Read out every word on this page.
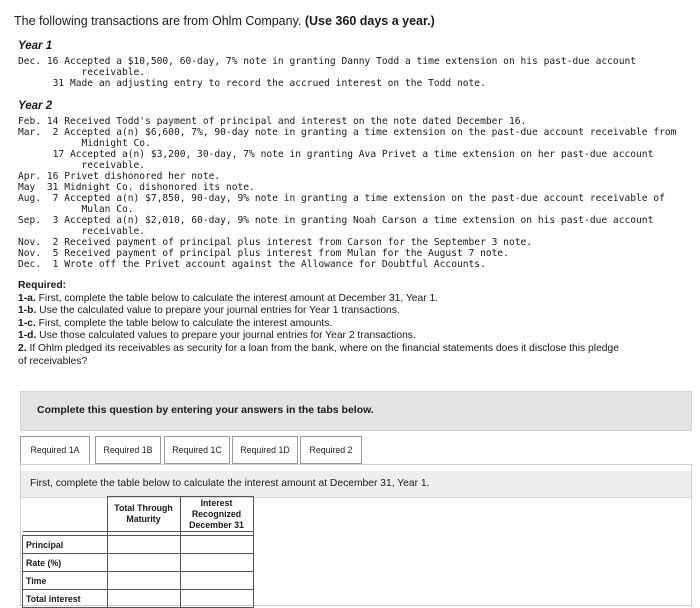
The following transactions are from Ohlm Company. (Use 360 days a year.)
Year 1
Dec. 16 Accepted a $10,500, 60-day, 7% note in granting Danny Todd a time extension on his past-due account
receivable.
31 Made an adjusting entry to record the accrued interest on the Todd note.
Year 2
Feb. 14 Received Todd's payment of principal and interest on the note dated December 16.
Mar.  2 Accepted a(n) $6,600, 7%, 90-day note in granting a time extension on the past-due account receivable from
Midnight Co.
17 Accepted a(n) $3,200, 30-day, 7% note in granting Ava Privet a time extension on her past-due account
receivable.
Apr. 16 Privet dishonored her note.
May  31 Midnight Co. dishonored its note.
Aug.  7 Accepted a(n) $7,850, 90-day, 9% note in granting a time extension on the past-due account receivable of
Mulan Co.
Sep.  3 Accepted a(n) $2,010, 60-day, 9% note in granting Noah Carson a time extension on his past-due account
receivable.
Nov.  2 Received payment of principal plus interest from Carson for the September 3 note.
Nov.  5 Received payment of principal plus interest from Mulan for the August 7 note.
Dec.  1 Wrote off the Privet account against the Allowance for Doubtful Accounts.
Required:
1-a. First, complete the table below to calculate the interest amount at December 31, Year 1.
1-b. Use the calculated value to prepare your journal entries for Year 1 transactions.
1-c. First, complete the table below to calculate the interest amounts.
1-d. Use those calculated values to prepare your journal entries for Year 2 transactions.
2. If Ohlm pledged its receivables as security for a loan from the bank, where on the financial statements does it disclose this pledge
of receivables?
Complete this question by entering your answers in the tabs below.
Required 1A	Required 1B	Required 1C	Required 1D	Required 2
First, complete the table below to calculate the interest amount at December 31, Year 1.
	Total Through Maturity	Interest Recognized December 31

Principal		
Rate (%)		
Time		
Total interest		
